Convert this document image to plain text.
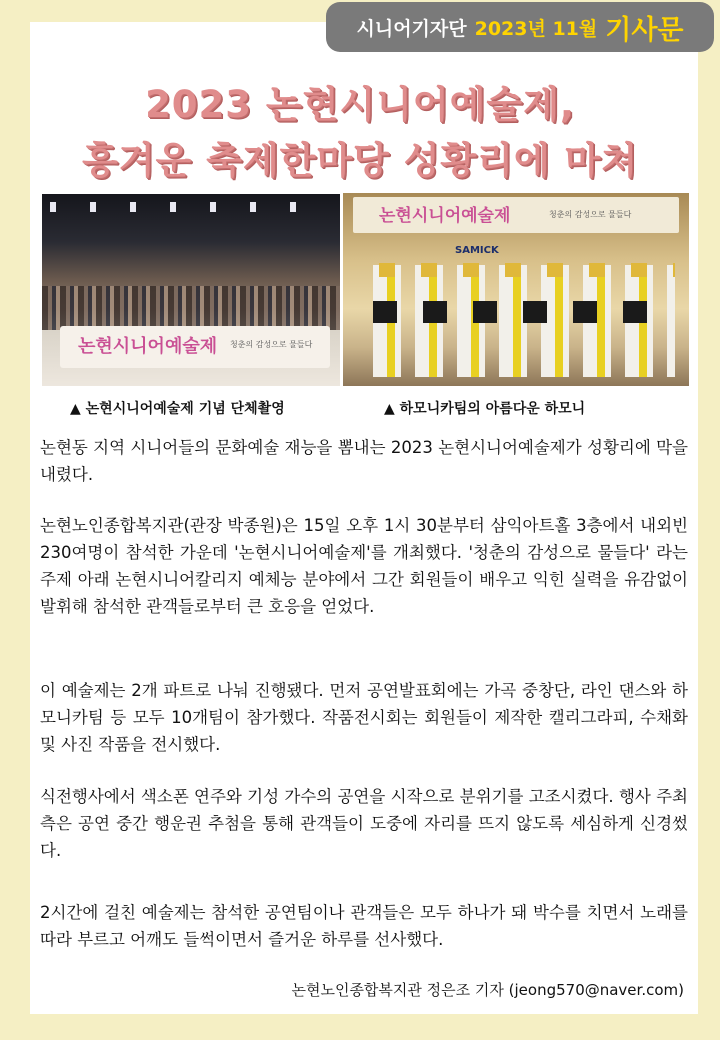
시니어기자단 2023년 11월 기사문
2023 논현시니어예술제,
흥겨운 축제한마당 성황리에 마쳐
논현시니어예술제 청춘의 감성으로 물들다
논현시니어예술제	청춘의 감성으로 물들다
SAMICK
▲ 논현시니어예술제 기념 단체촬영	▲ 하모니카팀의 아름다운 하모니

논현동 지역 시니어들의 문화예술 재능을 뽐내는 2023 논현시니어예술제가 성황리에 막을 내렸다.

논현노인종합복지관(관장 박종원)은 15일 오후 1시 30분부터 삼익아트홀 3층에서 내외빈 230여명이 참석한 가운데 '논현시니어예술제'를 개최했다. '청춘의 감성으로 물들다' 라는 주제 아래 논현시니어칼리지 예체능 분야에서 그간 회원들이 배우고 익힌 실력을 유감없이 발휘해 참석한 관객들로부터 큰 호응을 얻었다.

이 예술제는 2개 파트로 나눠 진행됐다. 먼저 공연발표회에는 가곡 중창단, 라인 댄스와 하모니카팀 등 모두 10개팀이 참가했다. 작품전시회는 회원들이 제작한 캘리그라피, 수채화 및 사진 작품을 전시했다.

식전행사에서 색소폰 연주와 기성 가수의 공연을 시작으로 분위기를 고조시켰다. 행사 주최 측은 공연 중간 행운권 추첨을 통해 관객들이 도중에 자리를 뜨지 않도록 세심하게 신경썼다.

2시간에 걸친 예술제는 참석한 공연팀이나 관객들은 모두 하나가 돼 박수를 치면서 노래를 따라 부르고 어깨도 들썩이면서 즐거운 하루를 선사했다.

논현노인종합복지관 정은조 기자 (jeong570@naver.com)
